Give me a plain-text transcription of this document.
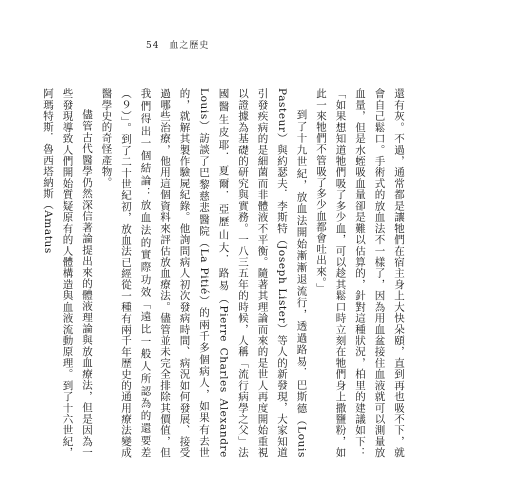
54 血之歷史

還有灰。不過，通常都是讓牠們在宿主身上大快朵頤，直到再也吸不下，就會自己鬆口。手術式的放血法不一樣了，因為用血盆接住血液就可以測量放血量，但是水蛭吸血量卻是難以估算的，針對這種狀況，柏里的建議如下：「如果想知道牠們吸了多少血，可以趁其鬆口時立刻在牠們身上撒鹽粉，如此一來牠們不管吸了多少血都會吐出來。」

到了十九世紀，放血法開始漸漸退流行，透過路易．巴斯德（Louis Pasteur）與約瑟夫．李斯特（Joseph Lister）等人的新發現，大家知道引發疾病的是細菌而非體液不平衡。隨著其理論而來的是世人再度開始重視以證據為基礎的研究與實務。一八三五年的時候，人稱「流行病學之父」法國醫生皮耶．夏爾．亞歷山大．路易（Pierre Charles Alexandre Louis）訪談了巴黎慈悲醫院（La Pitié）的兩千多個病人，如果有去世的，就解其製作驗屍紀錄。他詢問病人初次發病時間、病況如何發展、接受過哪些治療，他用這個資料來評估放血療法。儘管並未完全排除其價值，但我們得出一個結論：放血法的實際功效「遠比一般人所認為的還要差（９）」。到了二十世紀初，放血法已經從一種有兩千年歷史的通用療法變成醫學史的奇怪產物。

儘管古代醫學仍然深信著論提出來的體液理論與放血療法，但是因為一些發現導致人們開始質疑原有的人體構造與血液流動原理。到了十六世紀，阿瑪特斯．魯西塔納斯（Amatus
